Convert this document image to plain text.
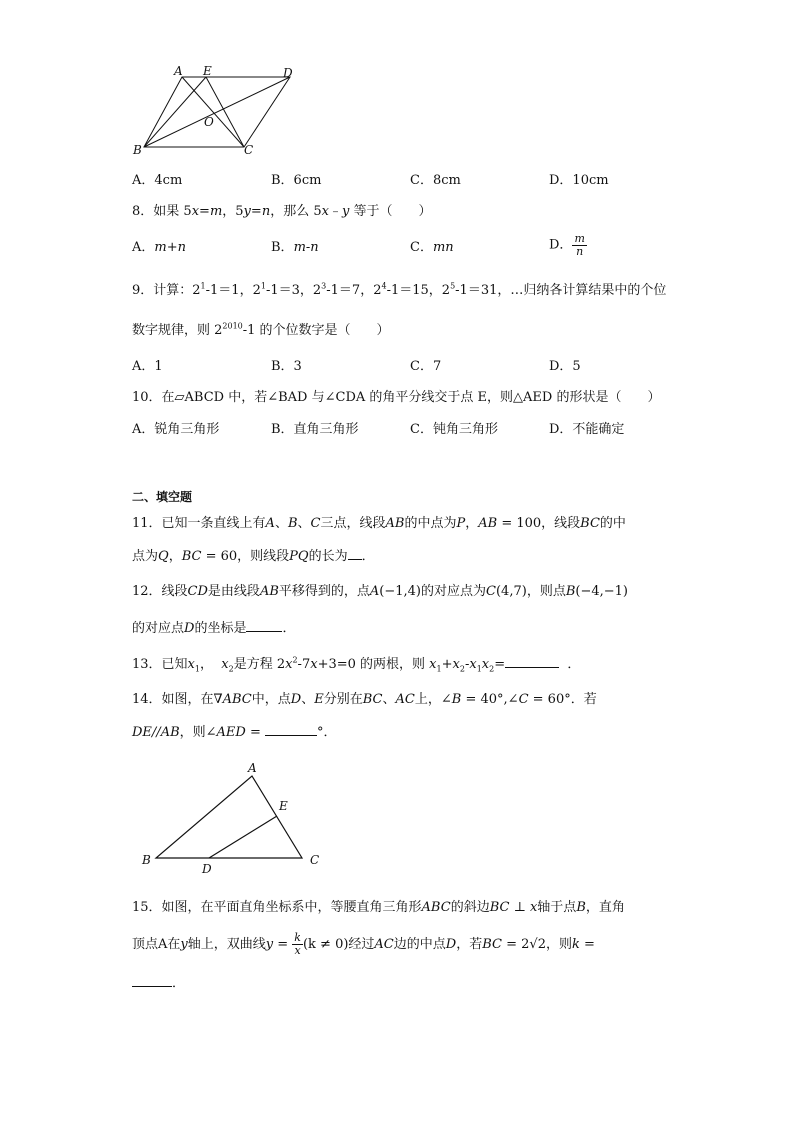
A E	D
O
B	C
A．4cm	B．6cm	C．8cm	D．10cm
8．如果 5x=m，5y=n，那么 5x﹣y 等于（　　）
A．m+n	B．m-n	C．mn	D． $\frac{m}{n}$
9．计算：$2^1-1=1$，$2^1-1=3$，$2^3-1=7$，$2^4-1=15$，$2^5-1=31$，…归纳各计算结果中的个位
数字规律，则 $2^{2010}-1$ 的个位数字是（　　）
A．1	B．3	C．7	D．5
10．在▱ABCD 中，若∠BAD 与∠CDA 的角平分线交于点 E，则△AED 的形状是（　　）
A．锐角三角形	B．直角三角形	C．钝角三角形	D．不能确定
二、填空题
11．已知一条直线上有A、B、C三点，线段AB的中点为P，AB = 100，线段BC的中
点为Q，BC = 60，则线段PQ的长为 ．
12．线段CD是由线段AB平移得到的，点A(−1,4)的对应点为C(4,7)，则点B(−4,−1)
的对应点D的坐标是	．
13．已知$x_1$， $x_2$是方程 $2x^2-7x+3=0$ 的两根，则 $x_1+x_2-x_1x_2=$	．
14．如图，在∇ABC中，点D、E分别在BC、AC上，∠B = 40°,∠C = 60°．若
DE//AB，则∠AED =	°．
A
E
B
D
C
15．如图，在平面直角坐标系中，等腰直角三角形ABC的斜边BC ⊥ x轴于点B，直角
顶点A在y轴上，双曲线$y = \frac{k}{x} (k \ne 0)$经过AC边的中点D，若BC = 2√2，则k =
．
